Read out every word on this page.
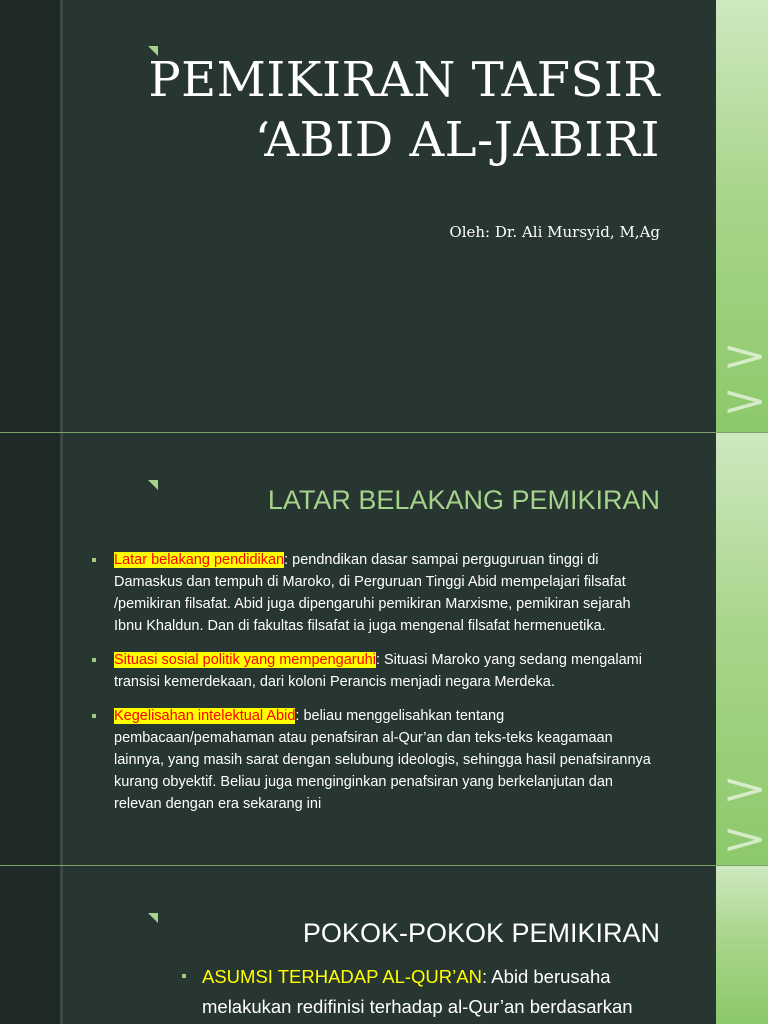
>
>
PEMIKIRAN TAFSIR
‘ABID AL-JABIRI
Oleh: Dr. Ali Mursyid, M,Ag
>
>
LATAR BELAKANG PEMIKIRAN
Latar belakang pendidikan: pendndikan dasar sampai perguguruan tinggi di Damaskus dan tempuh di Maroko, di Perguruan Tinggi Abid mempelajari filsafat /pemikiran filsafat. Abid juga dipengaruhi pemikiran Marxisme, pemikiran sejarah Ibnu Khaldun. Dan di fakultas filsafat ia juga mengenal filsafat hermenuetika.
Situasi sosial politik yang mempengaruhi: Situasi Maroko yang sedang mengalami transisi kemerdekaan, dari koloni Perancis menjadi negara Merdeka.
Kegelisahan intelektual Abid: beliau menggelisahkan tentang pembacaan/pemahaman atau penafsiran al-Qur’an dan teks-teks keagamaan lainnya, yang masih sarat dengan selubung ideologis, sehingga hasil penafsirannya kurang obyektif. Beliau juga menginginkan penafsiran yang berkelanjutan dan relevan dengan era sekarang ini
POKOK-POKOK PEMIKIRAN
ASUMSI TERHADAP AL-QUR’AN: Abid berusaha melakukan redifinisi terhadap al-Qur’an berdasarkan
